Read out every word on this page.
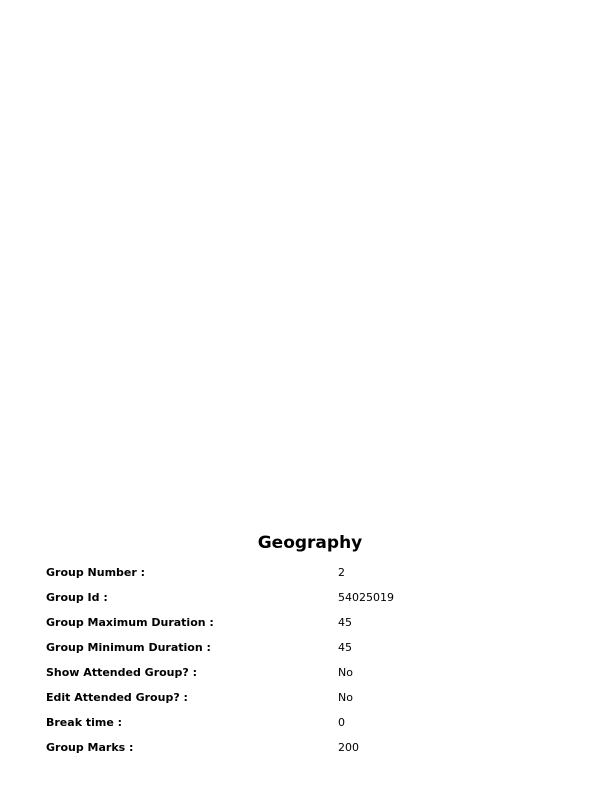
Geography
Group Number :	2
Group Id :	54025019
Group Maximum Duration :	45
Group Minimum Duration :	45
Show Attended Group? :	No
Edit Attended Group? :	No
Break time :	0
Group Marks :	200
